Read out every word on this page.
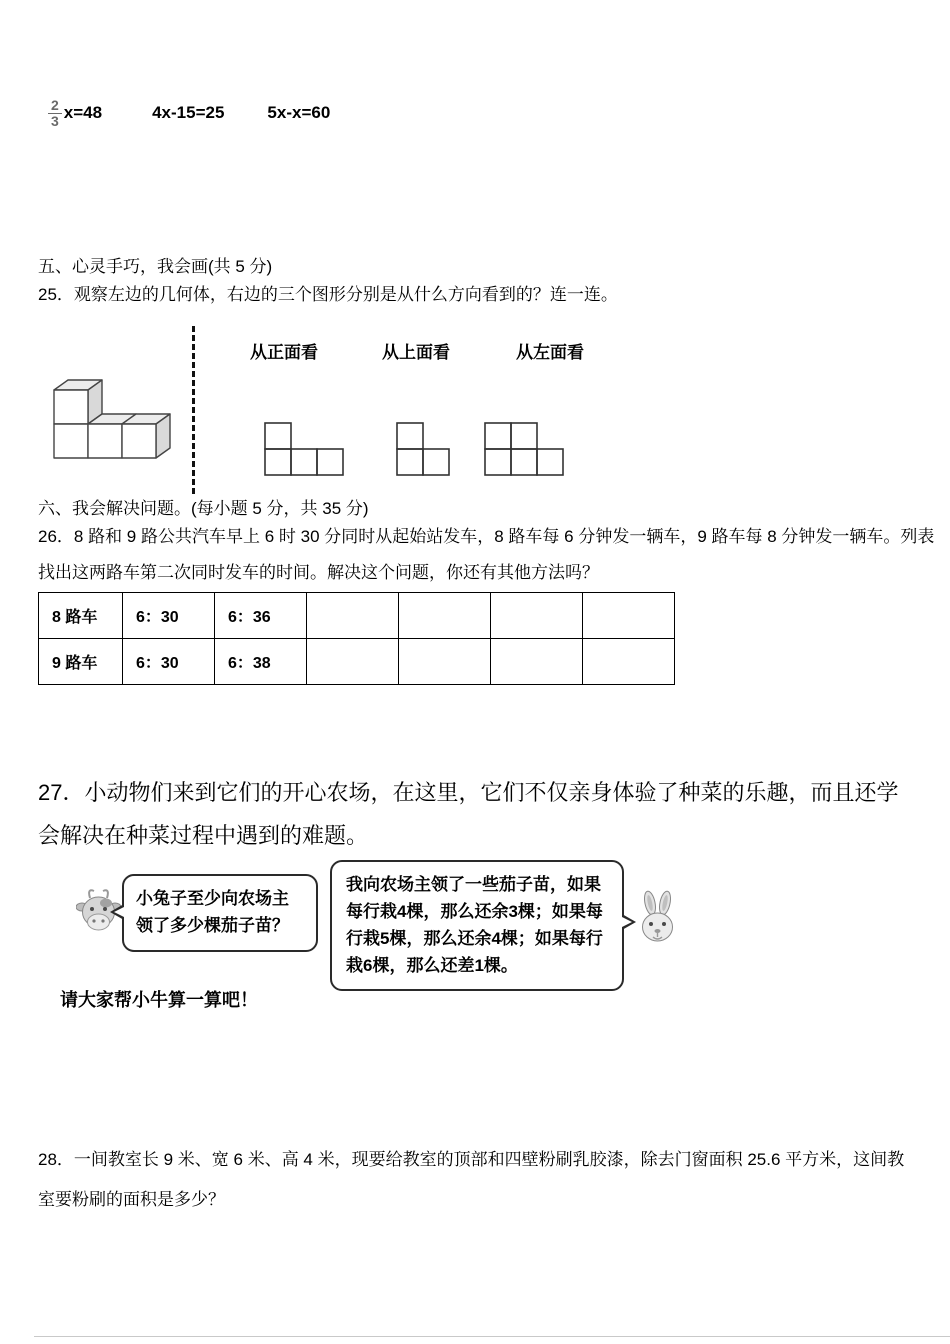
$\frac{2}{3} x=48$	4x-15=25	5x-x=60
五、心灵手巧，我会画(共 5 分)
25．观察左边的几何体，右边的三个图形分别是从什么方向看到的？连一连。
从正面看	从上面看	从左面看
六、我会解决问题。(每小题 5 分，共 35 分)
26．8 路和 9 路公共汽车早上 6 时 30 分同时从起始站发车，8 路车每 6 分钟发一辆车，9 路车每 8 分钟发一辆车。列表
找出这两路车第二次同时发车的时间。解决这个问题，你还有其他方法吗？
8 路车	6：30	6：36				
9 路车	6：30	6：38				
27．小动物们来到它们的开心农场，在这里，它们不仅亲身体验了种菜的乐趣，而且还学会解决在种菜过程中遇到的难题。
小兔子至少向农场主领了多少棵茄子苗？
我向农场主领了一些茄子苗，如果每行栽4棵，那么还余3棵；如果每行栽5棵，那么还余4棵；如果每行栽6棵，那么还差1棵。
请大家帮小牛算一算吧！
28．一间教室长 9 米、宽 6 米、高 4 米，现要给教室的顶部和四壁粉刷乳胶漆，除去门窗面积 25.6 平方米，这间教室要粉刷的面积是多少？
